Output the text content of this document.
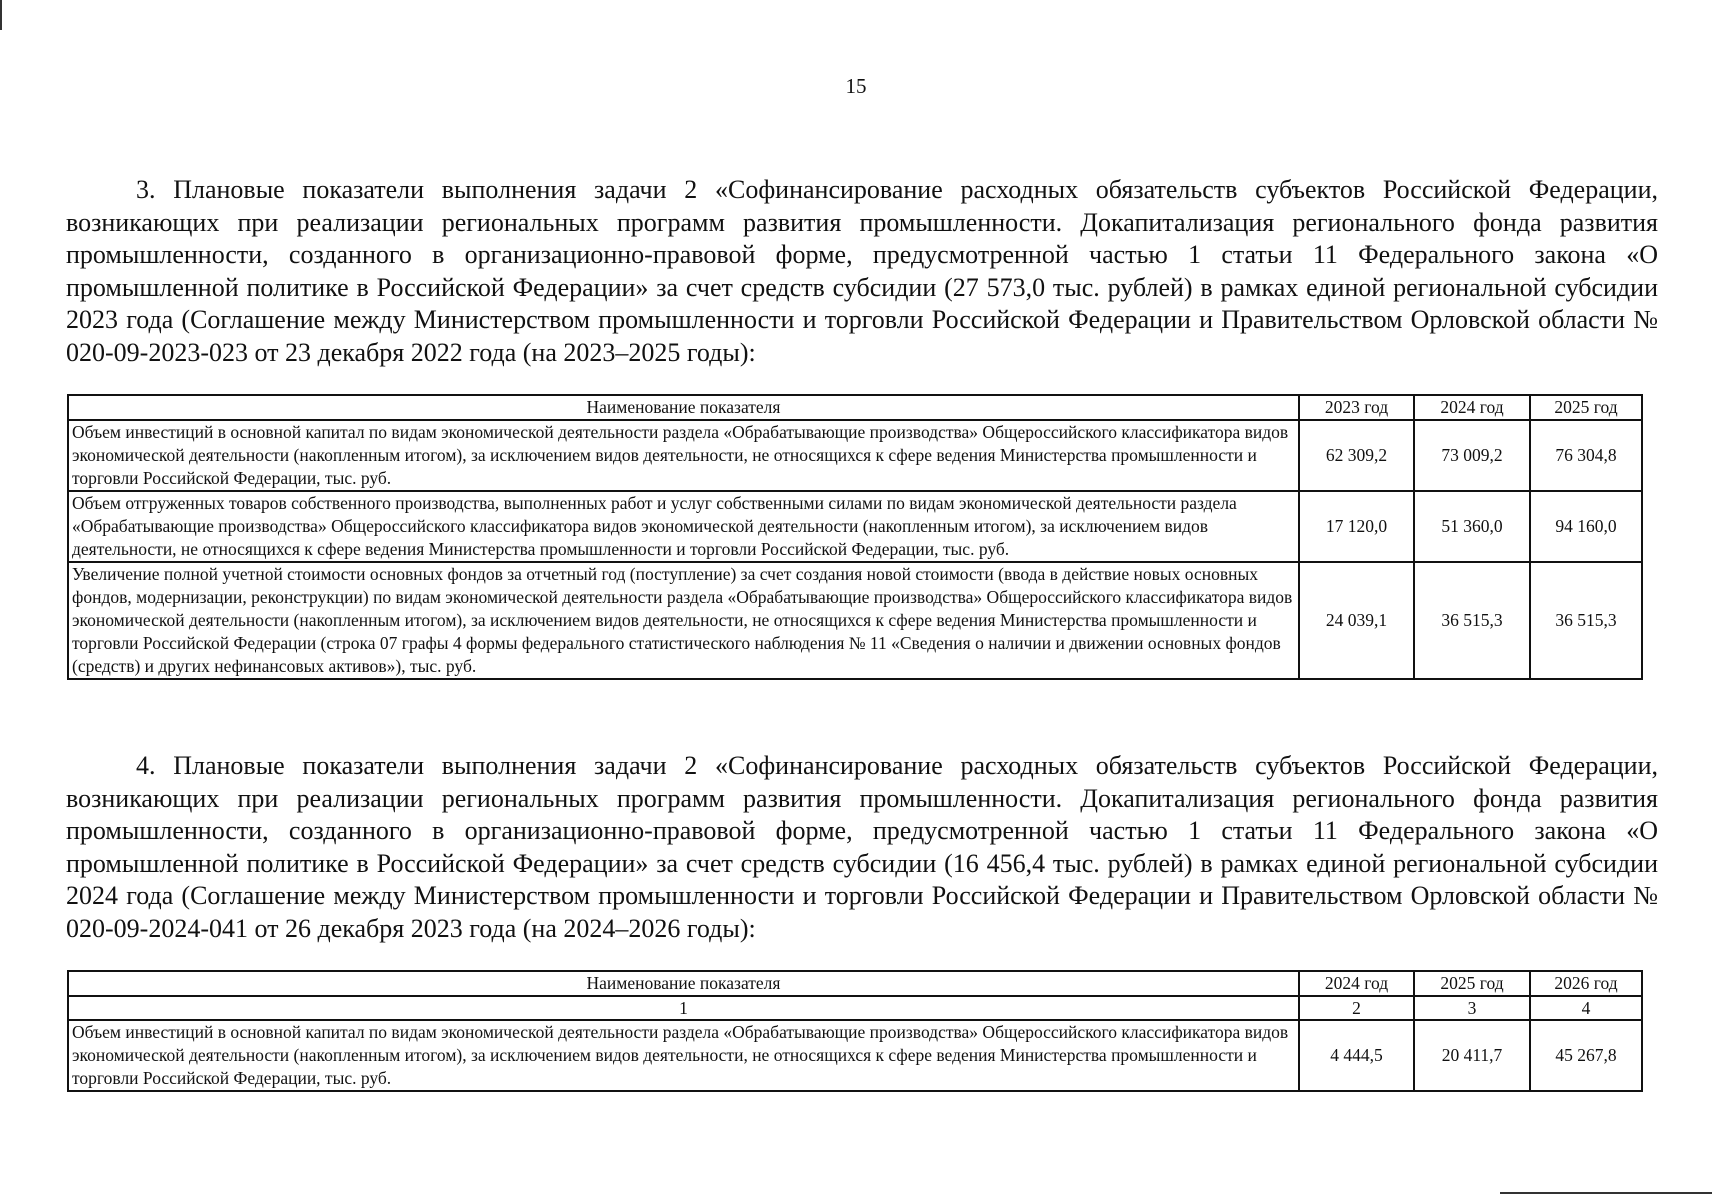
15

3. Плановые показатели выполнения задачи 2 «Софинансирование расходных обязательств субъектов Российской Федерации, возникающих при реализации региональных программ развития промышленности. Докапитализация регионального фонда развития промышленности, созданного в организационно-правовой форме, предусмотренной частью 1 статьи 11 Федерального закона «О промышленной политике в Российской Федерации» за счет средств субсидии (27 573,0 тыс. рублей) в рамках единой региональной субсидии 2023 года (Соглашение между Министерством промышленности и торговли Российской Федерации и Правительством Орловской области № 020-09-2023-023 от 23 декабря 2022 года (на 2023–2025 годы):

Наименование показателя	2023 год	2024 год	2025 год
Объем инвестиций в основной капитал по видам экономической деятельности раздела «Обрабатывающие производства» Общероссийского классификатора видов экономической деятельности (накопленным итогом), за исключением видов деятельности, не относящихся к сфере ведения Министерства промышленности и торговли Российской Федерации, тыс. руб.	62 309,2	73 009,2	76 304,8
Объем отгруженных товаров собственного производства, выполненных работ и услуг собственными силами по видам экономической деятельности раздела «Обрабатывающие производства» Общероссийского классификатора видов экономической деятельности (накопленным итогом), за исключением видов деятельности, не относящихся к сфере ведения Министерства промышленности и торговли Российской Федерации, тыс. руб.	17 120,0	51 360,0	94 160,0
Увеличение полной учетной стоимости основных фондов за отчетный год (поступление) за счет создания новой стоимости (ввода в действие новых основных фондов, модернизации, реконструкции) по видам экономической деятельности раздела «Обрабатывающие производства» Общероссийского классификатора видов экономической деятельности (накопленным итогом), за исключением видов деятельности, не относящихся к сфере ведения Министерства промышленности и торговли Российской Федерации (строка 07 графы 4 формы федерального статистического наблюдения № 11 «Сведения о наличии и движении основных фондов (средств) и других нефинансовых активов»), тыс. руб.	24 039,1	36 515,3	36 515,3

4. Плановые показатели выполнения задачи 2 «Софинансирование расходных обязательств субъектов Российской Федерации, возникающих при реализации региональных программ развития промышленности. Докапитализация регионального фонда развития промышленности, созданного в организационно-правовой форме, предусмотренной частью 1 статьи 11 Федерального закона «О промышленной политике в Российской Федерации» за счет средств субсидии (16 456,4 тыс. рублей) в рамках единой региональной субсидии 2024 года (Соглашение между Министерством промышленности и торговли Российской Федерации и Правительством Орловской области № 020-09-2024-041 от 26 декабря 2023 года (на 2024–2026 годы):

Наименование показателя	2024 год	2025 год	2026 год
1	2	3	4
Объем инвестиций в основной капитал по видам экономической деятельности раздела «Обрабатывающие производства» Общероссийского классификатора видов экономической деятельности (накопленным итогом), за исключением видов деятельности, не относящихся к сфере ведения Министерства промышленности и торговли Российской Федерации, тыс. руб.	4 444,5	20 411,7	45 267,8
